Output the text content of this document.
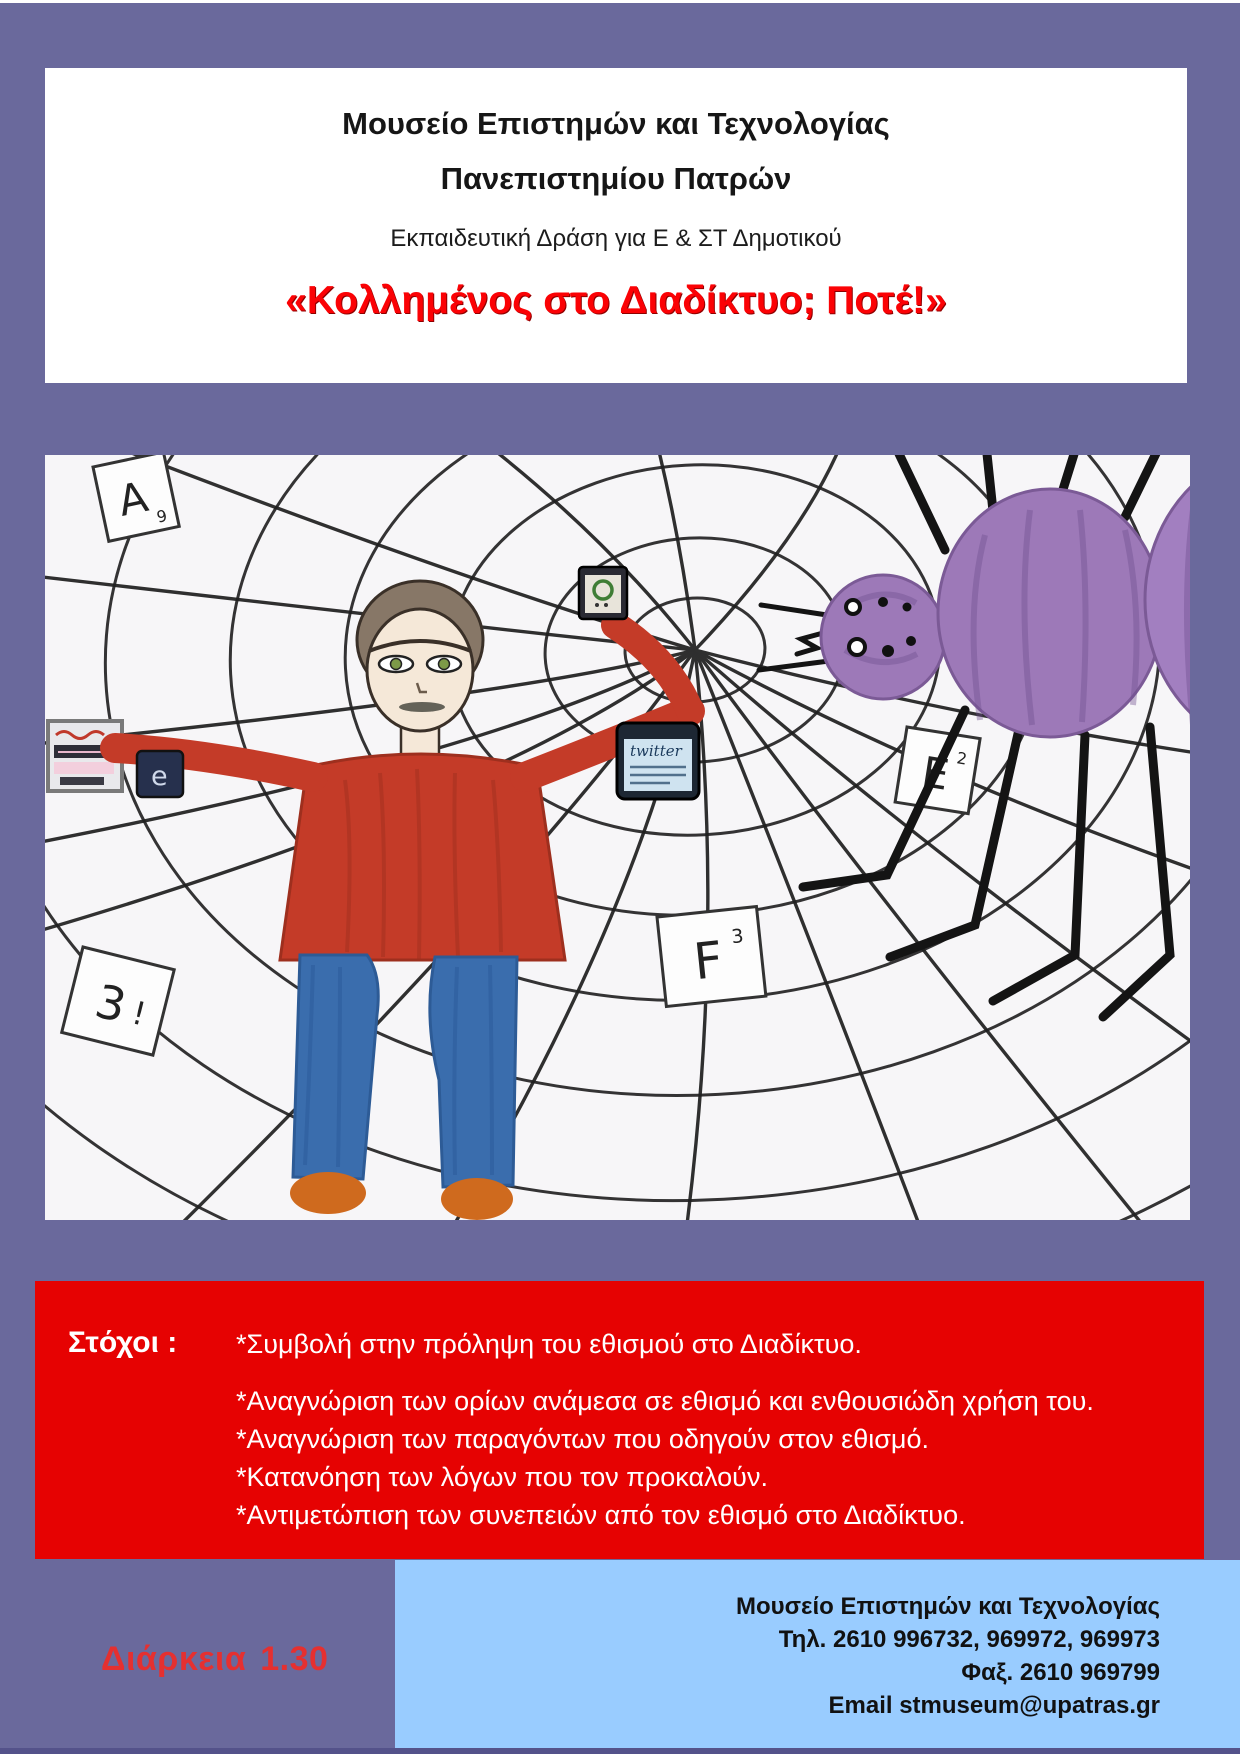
Μουσείο Επιστημών και Τεχνολογίας
Πανεπιστημίου Πατρών
Εκπαιδευτική Δράση για Ε & ΣΤ Δημοτικού
«Κολλημένος στο Διαδίκτυο; Ποτέ!»
A 9
E 2
F 3
3
!
e
twitter
Στόχοι :	*Συμβολή στην πρόληψη του εθισμού στο Διαδίκτυο.
*Αναγνώριση των ορίων ανάμεσα σε εθισμό και ενθουσιώδη χρήση του.
*Αναγνώριση των παραγόντων που οδηγούν στον εθισμό.
*Κατανόηση των λόγων που τον προκαλούν.
*Αντιμετώπιση των συνεπειών από τον εθισμό στο Διαδίκτυο.
Διάρκεια 1.30
Μουσείο Επιστημών και Τεχνολογίας
Τηλ. 2610 996732, 969972, 969973
Φαξ. 2610 969799
Email stmuseum@upatras.gr
